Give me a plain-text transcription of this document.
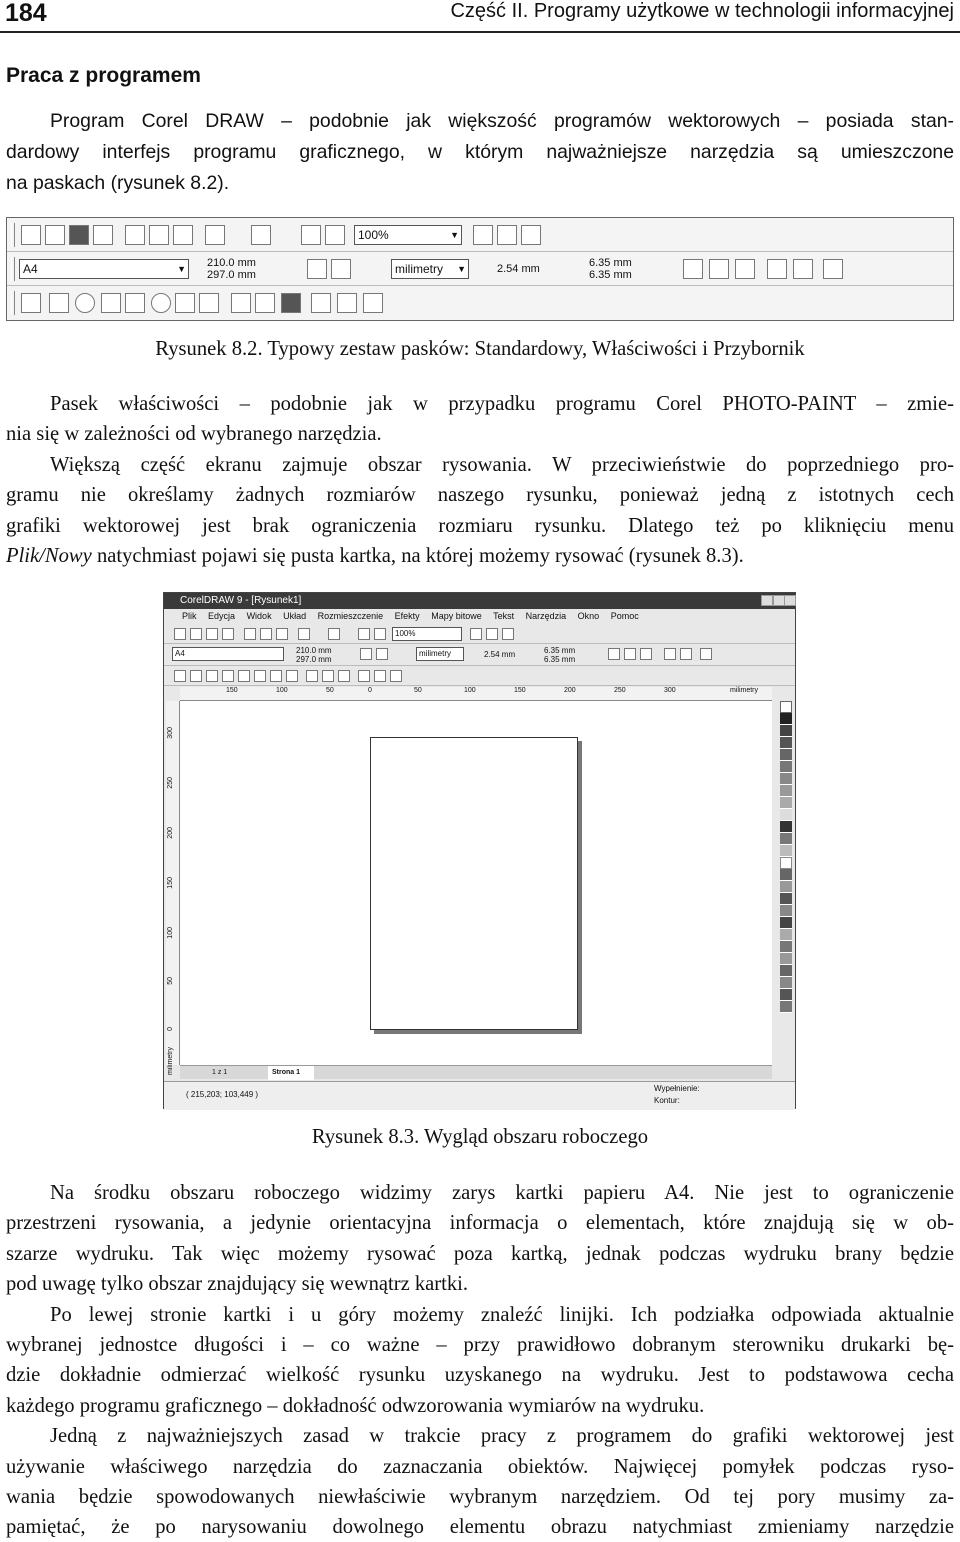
184	Część II. Programy użytkowe w technologii informacyjnej
Praca z programem
Program Corel DRAW – podobnie jak większość programów wektorowych – posiada stan-
dardowy interfejs programu graficznego, w którym najważniejsze narzędzia są umieszczone
na paskach (rysunek 8.2).
100% ▼
A4 ▼	210.0 mm
297.0 mm	milimetry ▼	2.54 mm	6.35 mm
6.35 mm
Rysunek 8.2. Typowy zestaw pasków: Standardowy, Właściwości i Przybornik
Pasek właściwości – podobnie jak w przypadku programu Corel PHOTO-PAINT – zmie-
nia się w zależności od wybranego narzędzia.
Większą część ekranu zajmuje obszar rysowania. W przeciwieństwie do poprzedniego pro-
gramu nie określamy żadnych rozmiarów naszego rysunku, ponieważ jedną z istotnych cech
grafiki wektorowej jest brak ograniczenia rozmiaru rysunku. Dlatego też po kliknięciu menu
Plik/Nowy natychmiast pojawi się pusta kartka, na której możemy rysować (rysunek 8.3).
CorelDRAW 9 - [Rysunek1]
Plik Edycja Widok Układ Rozmieszczenie Efekty Mapy bitowe Tekst Narzędzia Okno Pomoc
100%
A4	210.0 mm
297.0 mm
milimetry	2.54 mm	6.35 mm
6.35 mm
150	100	50	0	50	100	150	200	250	300	milimetry
300
250
200
150
100
50
0
milimetry	1 z 1	Strona 1
( 215,203; 103,449 )
Wypełnienie:
Kontur:
Rysunek 8.3. Wygląd obszaru roboczego
Na środku obszaru roboczego widzimy zarys kartki papieru A4. Nie jest to ograniczenie
przestrzeni rysowania, a jedynie orientacyjna informacja o elementach, które znajdują się w ob-
szarze wydruku. Tak więc możemy rysować poza kartką, jednak podczas wydruku brany będzie
pod uwagę tylko obszar znajdujący się wewnątrz kartki.
Po lewej stronie kartki i u góry możemy znaleźć linijki. Ich podziałka odpowiada aktualnie
wybranej jednostce długości i – co ważne – przy prawidłowo dobranym sterowniku drukarki bę-
dzie dokładnie odmierzać wielkość rysunku uzyskanego na wydruku. Jest to podstawowa cecha
każdego programu graficznego – dokładność odwzorowania wymiarów na wydruku.
Jedną z najważniejszych zasad w trakcie pracy z programem do grafiki wektorowej jest
używanie właściwego narzędzia do zaznaczania obiektów. Najwięcej pomyłek podczas ryso-
wania będzie spowodowanych niewłaściwie wybranym narzędziem. Od tej pory musimy za-
pamiętać, że po narysowaniu dowolnego elementu obrazu natychmiast zmieniamy narzędzie
